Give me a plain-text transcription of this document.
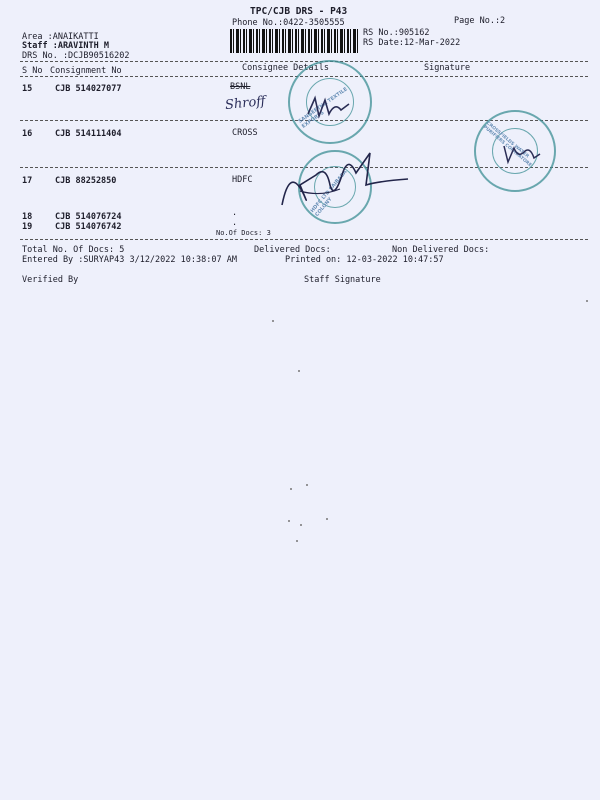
TPC/CJB DRS - P43
Phone No.:0422-3505555	Page No.:2
RS No.:905162
RS Date:12-Mar-2022
Area :ANAIKATTI
Staff :ARAVINTH M
DRS No. :DCJB90516202
S No Consignment No	Consignee Details	Signature
15	CJB 514027077	BSNL
Shroff
16	CJB 514111404	CROSS
17	CJB 88252850	HDFC
18	CJB 514076724	.
19	CJB 514076742	.
No.Of Docs: 3
Total No. Of Docs: 5	Delivered Docs:	Non Delivered Docs:
Entered By :SURYAP43 3/12/2022 10:38:07 AM	Printed on: 12-03-2022 10:47:57
Verified By	Staff Signature
SANGEETHA TEXTILE EXPORTS
CROSSFIELDS WATER PURIFIERS COIMBATORE
HDFC LTD SAIBABA COLONY
